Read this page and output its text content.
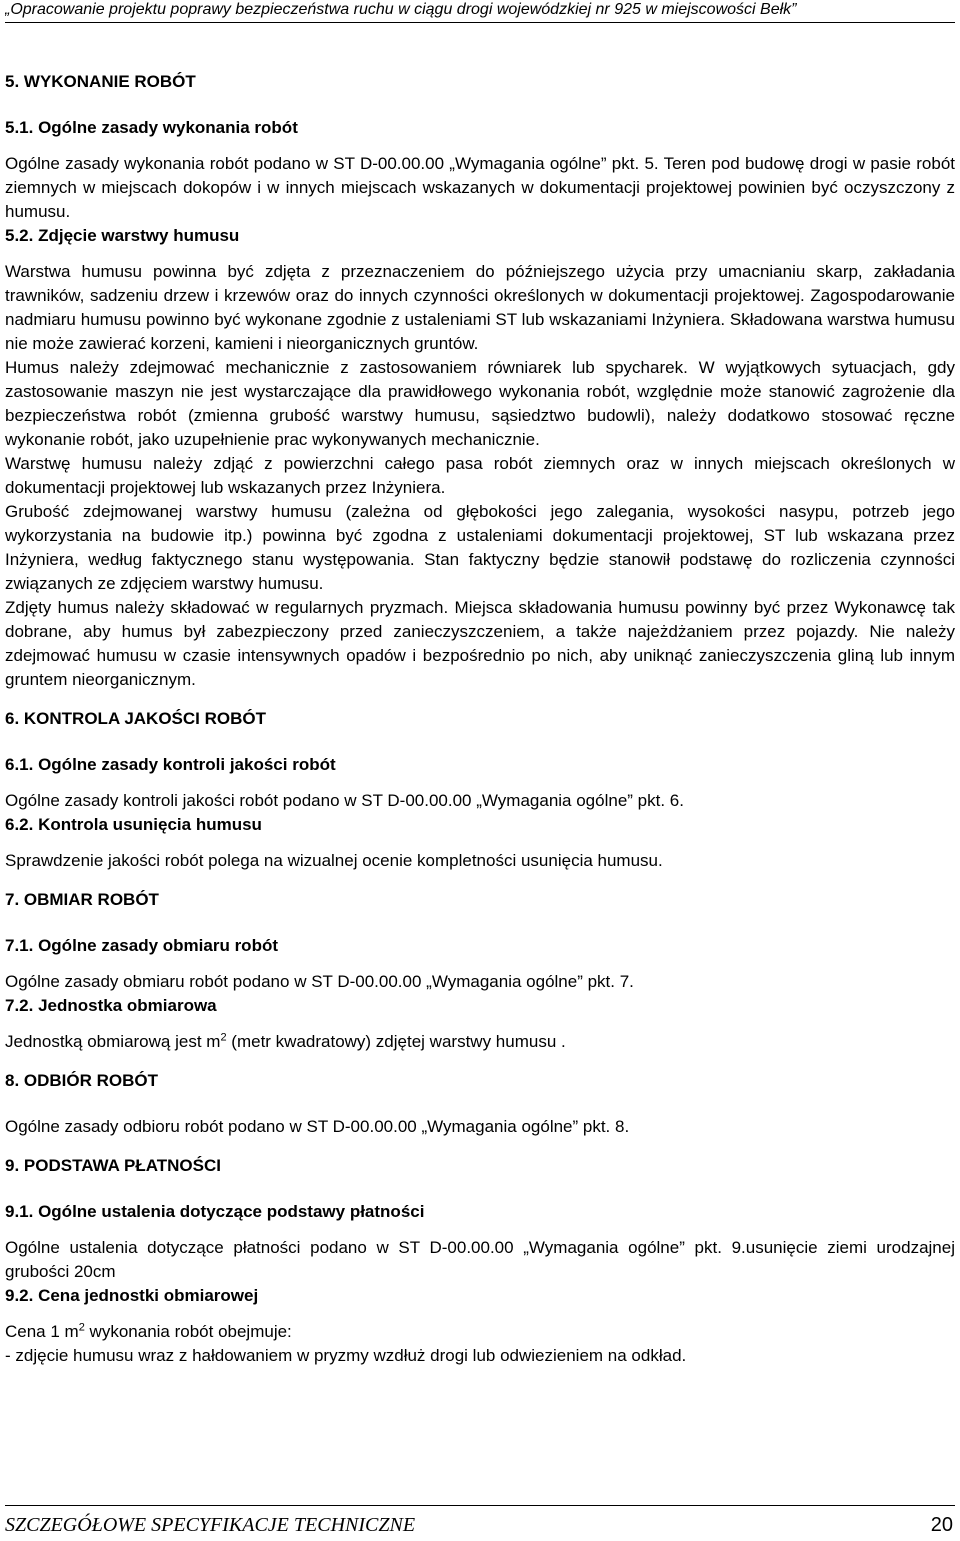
„Opracowanie projektu poprawy bezpieczeństwa ruchu w ciągu drogi wojewódzkiej nr 925 w miejscowości Bełk”

5. WYKONANIE ROBÓT

5.1. Ogólne zasady wykonania robót

Ogólne zasady wykonania robót podano w ST D-00.00.00 „Wymagania ogólne” pkt. 5. Teren pod budowę drogi w pasie robót ziemnych w miejscach dokopów i w innych miejscach wskazanych w dokumentacji projektowej powinien być oczyszczony z humusu.

5.2. Zdjęcie warstwy humusu

Warstwa humusu powinna być zdjęta z przeznaczeniem do późniejszego użycia przy umacnianiu skarp, zakładania trawników, sadzeniu drzew i krzewów oraz do innych czynności określonych w dokumentacji projektowej. Zagospodarowanie nadmiaru humusu powinno być wykonane zgodnie z ustaleniami ST lub wskazaniami Inżyniera. Składowana warstwa humusu nie może zawierać korzeni, kamieni i nieorganicznych gruntów.

Humus należy zdejmować mechanicznie z zastosowaniem równiarek lub spycharek. W wyjątkowych sytuacjach, gdy zastosowanie maszyn nie jest wystarczające dla prawidłowego wykonania robót, względnie może stanowić zagrożenie dla bezpieczeństwa robót (zmienna grubość warstwy humusu, sąsiedztwo budowli), należy dodatkowo stosować ręczne wykonanie robót, jako uzupełnienie prac wykonywanych mechanicznie.

Warstwę humusu należy zdjąć z powierzchni całego pasa robót ziemnych oraz w innych miejscach określonych w dokumentacji projektowej lub wskazanych przez Inżyniera.

Grubość zdejmowanej warstwy humusu (zależna od głębokości jego zalegania, wysokości nasypu, potrzeb jego wykorzystania na budowie itp.) powinna być zgodna z ustaleniami dokumentacji projektowej, ST lub wskazana przez Inżyniera, według faktycznego stanu występowania. Stan faktyczny będzie stanowił podstawę do rozliczenia czynności związanych ze zdjęciem warstwy humusu.

Zdjęty humus należy składować w regularnych pryzmach. Miejsca składowania humusu powinny być przez Wykonawcę tak dobrane, aby humus był zabezpieczony przed zanieczyszczeniem, a także najeżdżaniem przez pojazdy. Nie należy zdejmować humusu w czasie intensywnych opadów i bezpośrednio po nich, aby uniknąć zanieczyszczenia gliną lub innym gruntem nieorganicznym.

6. KONTROLA JAKOŚCI ROBÓT

6.1. Ogólne zasady kontroli jakości robót

Ogólne zasady kontroli jakości robót podano w ST D-00.00.00 „Wymagania ogólne” pkt. 6.

6.2. Kontrola usunięcia humusu

Sprawdzenie jakości robót polega na wizualnej ocenie kompletności usunięcia humusu.

7. OBMIAR ROBÓT

7.1. Ogólne zasady obmiaru robót

Ogólne zasady obmiaru robót podano w ST D-00.00.00 „Wymagania ogólne” pkt. 7.

7.2. Jednostka obmiarowa

Jednostką obmiarową jest $m^2$ (metr kwadratowy) zdjętej warstwy humusu .

8. ODBIÓR ROBÓT

Ogólne zasady odbioru robót podano w ST D-00.00.00 „Wymagania ogólne” pkt. 8.

9. PODSTAWA PŁATNOŚCI

9.1. Ogólne ustalenia dotyczące podstawy płatności

Ogólne ustalenia dotyczące płatności podano w ST D-00.00.00 „Wymagania ogólne” pkt. 9.usunięcie ziemi urodzajnej grubości 20cm

9.2. Cena jednostki obmiarowej

Cena 1 $m^2$ wykonania robót obejmuje:

- zdjęcie humusu wraz z hałdowaniem w pryzmy wzdłuż drogi lub odwiezieniem na odkład.

SZCZEGÓŁOWE SPECYFIKACJE TECHNICZNE	20
